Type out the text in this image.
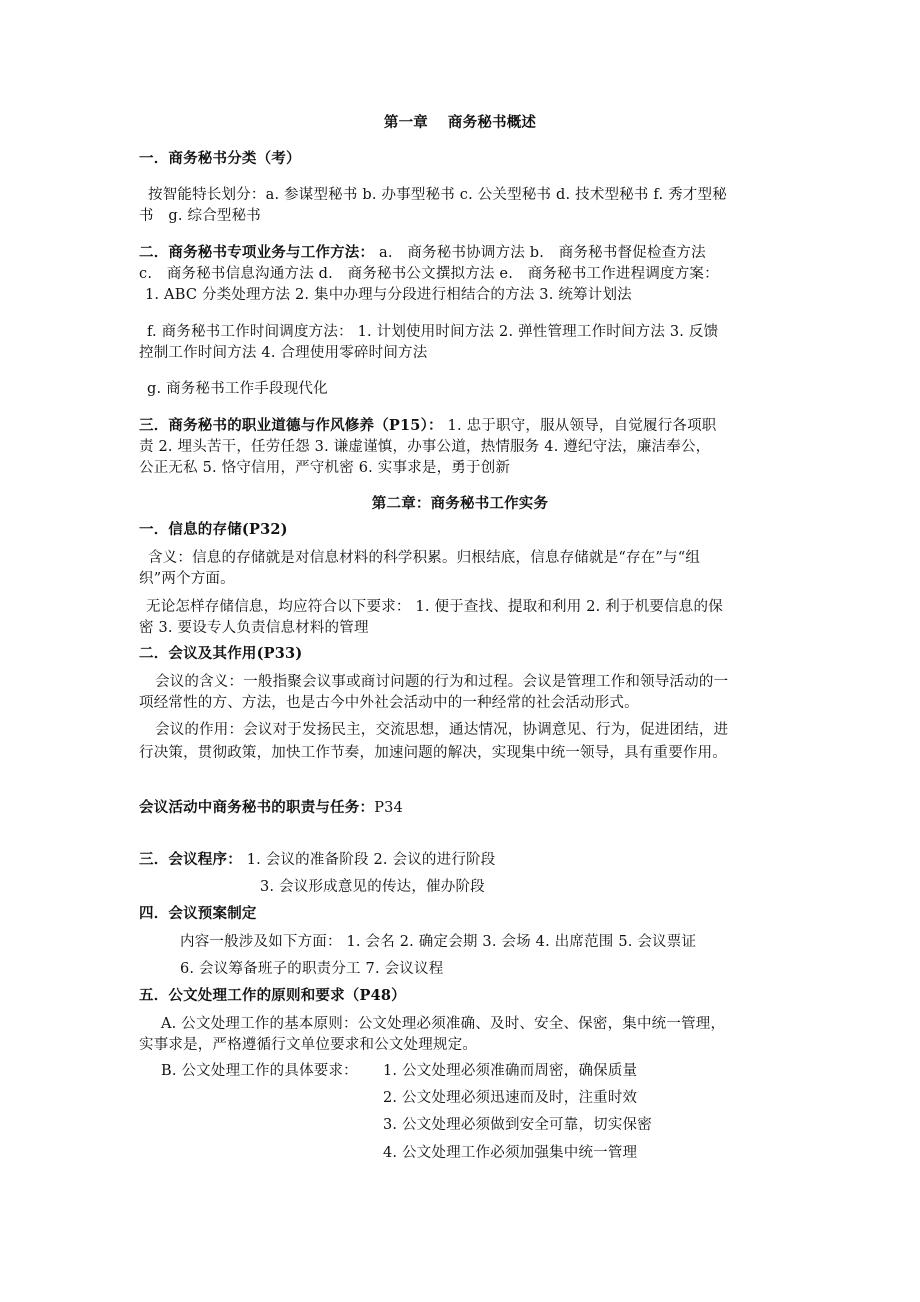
第一章　 商务秘书概述
一．商务秘书分类（考）
按智能特长划分：a. 参谋型秘书 b. 办事型秘书 c. 公关型秘书 d. 技术型秘书 f. 秀才型秘
书　g. 综合型秘书
二．商务秘书专项业务与工作方法： a.　商务秘书协调方法 b.　商务秘书督促检查方法
c.　商务秘书信息沟通方法 d.　商务秘书公文撰拟方法 e.　商务秘书工作进程调度方案：
1. ABC 分类处理方法 2. 集中办理与分段进行相结合的方法 3. 统筹计划法
f. 商务秘书工作时间调度方法： 1. 计划使用时间方法 2. 弹性管理工作时间方法 3. 反馈
控制工作时间方法 4. 合理使用零碎时间方法
g. 商务秘书工作手段现代化
三．商务秘书的职业道德与作风修养（P15）： 1. 忠于职守，服从领导，自觉履行各项职
责 2. 埋头苦干，任劳任怨 3. 谦虚谨慎，办事公道，热情服务 4. 遵纪守法，廉洁奉公，
公正无私 5. 恪守信用，严守机密 6. 实事求是，勇于创新
第二章：商务秘书工作实务
一．信息的存储(P32)
含义：信息的存储就是对信息材料的科学积累。归根结底，信息存储就是“存在”与“组
织”两个方面。
无论怎样存储信息，均应符合以下要求： 1. 便于查找、提取和利用 2. 利于机要信息的保
密 3. 要设专人负责信息材料的管理
二．会议及其作用(P33)
会议的含义：一般指聚会议事或商讨问题的行为和过程。会议是管理工作和领导活动的一
项经常性的方、方法，也是古今中外社会活动中的一种经常的社会活动形式。
会议的作用：会议对于发扬民主，交流思想，通达情况，协调意见、行为，促进团结，进
行决策，贯彻政策，加快工作节奏，加速问题的解决，实现集中统一领导，具有重要作用。
会议活动中商务秘书的职责与任务：P34
三．会议程序： 1. 会议的准备阶段 2. 会议的进行阶段
3. 会议形成意见的传达，催办阶段
四．会议预案制定
内容一般涉及如下方面： 1. 会名 2. 确定会期 3. 会场 4. 出席范围 5. 会议票证
6. 会议筹备班子的职责分工 7. 会议议程
五．公文处理工作的原则和要求（P48）
A. 公文处理工作的基本原则：公文处理必须准确、及时、安全、保密，集中统一管理，
实事求是，严格遵循行文单位要求和公文处理规定。
B. 公文处理工作的具体要求： 1. 公文处理必须准确而周密，确保质量
2. 公文处理必须迅速而及时，注重时效
3. 公文处理必须做到安全可靠，切实保密
4. 公文处理工作必须加强集中统一管理
